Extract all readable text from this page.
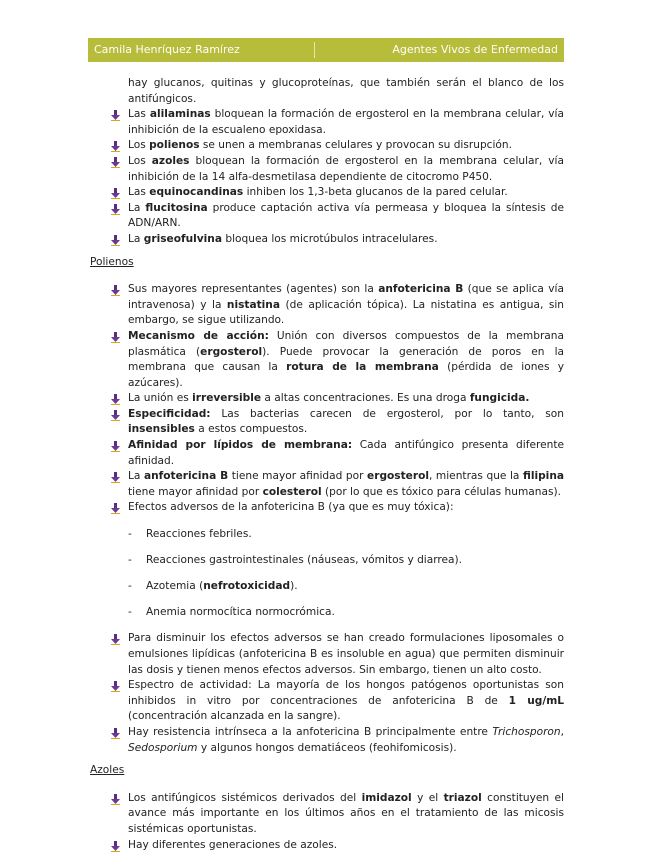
Camila Henríquez Ramírez	Agentes Vivos de Enfermedad

hay glucanos, quitinas y glucoproteínas, que también serán el blanco de los antifúngicos.

Las alilaminas bloquean la formación de ergosterol en la membrana celular, vía inhibición de la escualeno epoxidasa.

Los polienos se unen a membranas celulares y provocan su disrupción.

Los azoles bloquean la formación de ergosterol en la membrana celular, vía inhibición de la 14 alfa-desmetilasa dependiente de citocromo P450.

Las equinocandinas inhiben los 1,3-beta glucanos de la pared celular.

La flucitosina produce captación activa vía permeasa y bloquea la síntesis de ADN/ARN.

La griseofulvina bloquea los microtúbulos intracelulares.

Polienos

Sus mayores representantes (agentes) son la anfotericina B (que se aplica vía intravenosa) y la nistatina (de aplicación tópica). La nistatina es antigua, sin embargo, se sigue utilizando.

Mecanismo de acción: Unión con diversos compuestos de la membrana plasmática (ergosterol). Puede provocar la generación de poros en la membrana que causan la rotura de la membrana (pérdida de iones y azúcares).

La unión es irreversible a altas concentraciones. Es una droga fungicida.

Especificidad: Las bacterias carecen de ergosterol, por lo tanto, son insensibles a estos compuestos.

Afinidad por lípidos de membrana: Cada antifúngico presenta diferente afinidad.

La anfotericina B tiene mayor afinidad por ergosterol, mientras que la filipina tiene mayor afinidad por colesterol (por lo que es tóxico para células humanas).

Efectos adversos de la anfotericina B (ya que es muy tóxica):

- Reacciones febriles.

- Reacciones gastrointestinales (náuseas, vómitos y diarrea).

- Azotemia (nefrotoxicidad).

- Anemia normocítica normocrómica.

Para disminuir los efectos adversos se han creado formulaciones liposomales o emulsiones lipídicas (anfotericina B es insoluble en agua) que permiten disminuir las dosis y tienen menos efectos adversos. Sin embargo, tienen un alto costo.

Espectro de actividad: La mayoría de los hongos patógenos oportunistas son inhibidos in vitro por concentraciones de anfotericina B de 1 ug/mL (concentración alcanzada en la sangre).

Hay resistencia intrínseca a la anfotericina B principalmente entre Trichosporon, Sedosporium y algunos hongos dematiáceos (feohifomicosis).

Azoles

Los antifúngicos sistémicos derivados del imidazol y el triazol constituyen el avance más importante en los últimos años en el tratamiento de las micosis sistémicas oportunistas.

Hay diferentes generaciones de azoles.
